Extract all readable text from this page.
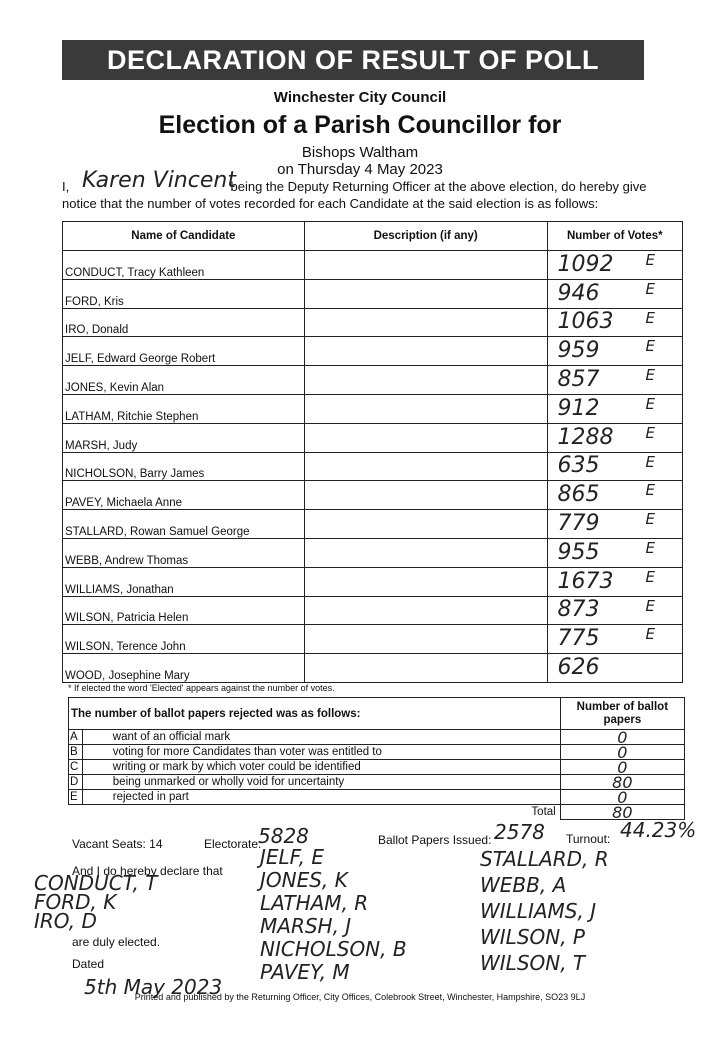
DECLARATION OF RESULT OF POLL
Winchester City Council
Election of a Parish Councillor for
Bishops Waltham
on Thursday 4 May 2023
I,	being the Deputy Returning Officer at the above election, do hereby give
Karen Vincent
notice that the number of votes recorded for each Candidate at the said election is as follows:
Name of Candidate	Description (if any)	Number of Votes*
CONDUCT, Tracy Kathleen		1092 E

FORD, Kris		946 E

IRO, Donald		1063 E

JELF, Edward George Robert		959 E

JONES, Kevin Alan		857 E

LATHAM, Ritchie Stephen		912 E

MARSH, Judy		1288 E

NICHOLSON, Barry James		635 E

PAVEY, Michaela Anne		865 E

STALLARD, Rowan Samuel George		779 E

WEBB, Andrew Thomas		955 E

WILLIAMS, Jonathan		1673 E

WILSON, Patricia Helen		873 E

WILSON, Terence John		775 E

WOOD, Josephine Mary		626
* If elected the word 'Elected' appears against the number of votes.
The number of ballot papers rejected was as follows:		Number of ballot papers
A	want of an official mark	0
B	voting for more Candidates than voter was entitled to	0
C	writing or mark by which voter could be identified	0
D	being unmarked or wholly void for uncertainty	80
E	rejected in part	0
Total		80
Vacant Seats: 14	Electorate:
5828	Ballot Papers Issued: 2578 Turnout: 44.23%
And I do hereby declare that
are duly elected.
Dated
5th May 2023
CONDUCT, T
FORD, K
IRO, D
JELF, E
JONES, K
LATHAM, R
MARSH, J
NICHOLSON, B
PAVEY, M
STALLARD, R
WEBB, A
WILLIAMS, J
WILSON, P
WILSON, T
Printed and published by the Returning Officer, City Offices, Colebrook Street, Winchester, Hampshire, SO23 9LJ
